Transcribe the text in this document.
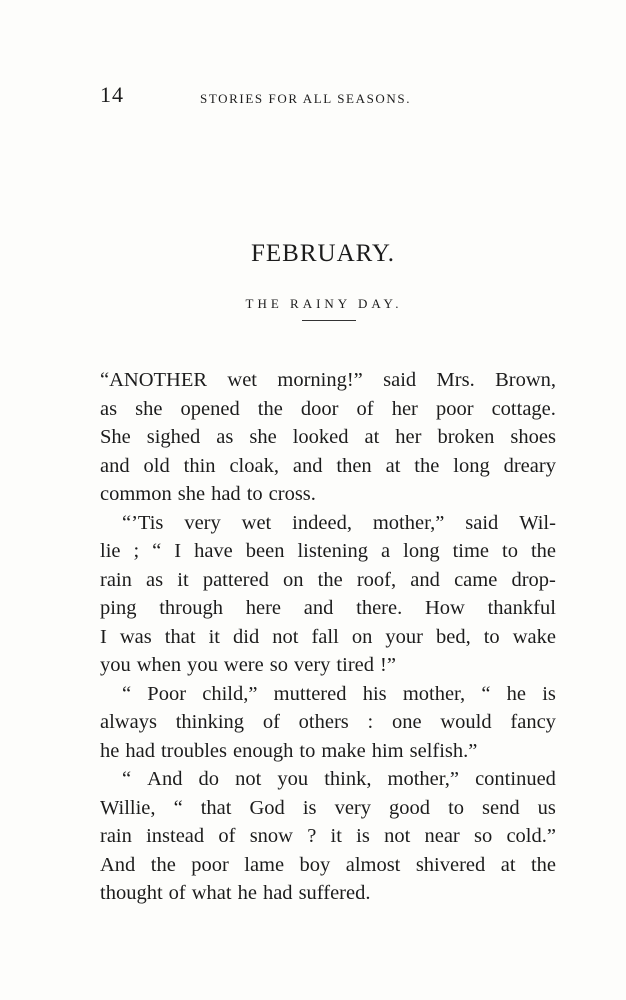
14	STORIES FOR ALL SEASONS.
FEBRUARY.
THE RAINY DAY.
“ANOTHER wet morning!” said Mrs. Brown,
as she opened the door of her poor cottage.
She sighed as she looked at her broken shoes
and old thin cloak, and then at the long dreary
common she had to cross.
“’Tis very wet indeed, mother,” said Wil-
lie ; “ I have been listening a long time to the
rain as it pattered on the roof, and came drop-
ping through here and there. How thankful
I was that it did not fall on your bed, to wake
you when you were so very tired !”
“ Poor child,” muttered his mother, “ he is
always thinking of others : one would fancy
he had troubles enough to make him selfish.”
“ And do not you think, mother,” continued
Willie, “ that God is very good to send us
rain instead of snow ? it is not near so cold.”
And the poor lame boy almost shivered at the
thought of what he had suffered.
